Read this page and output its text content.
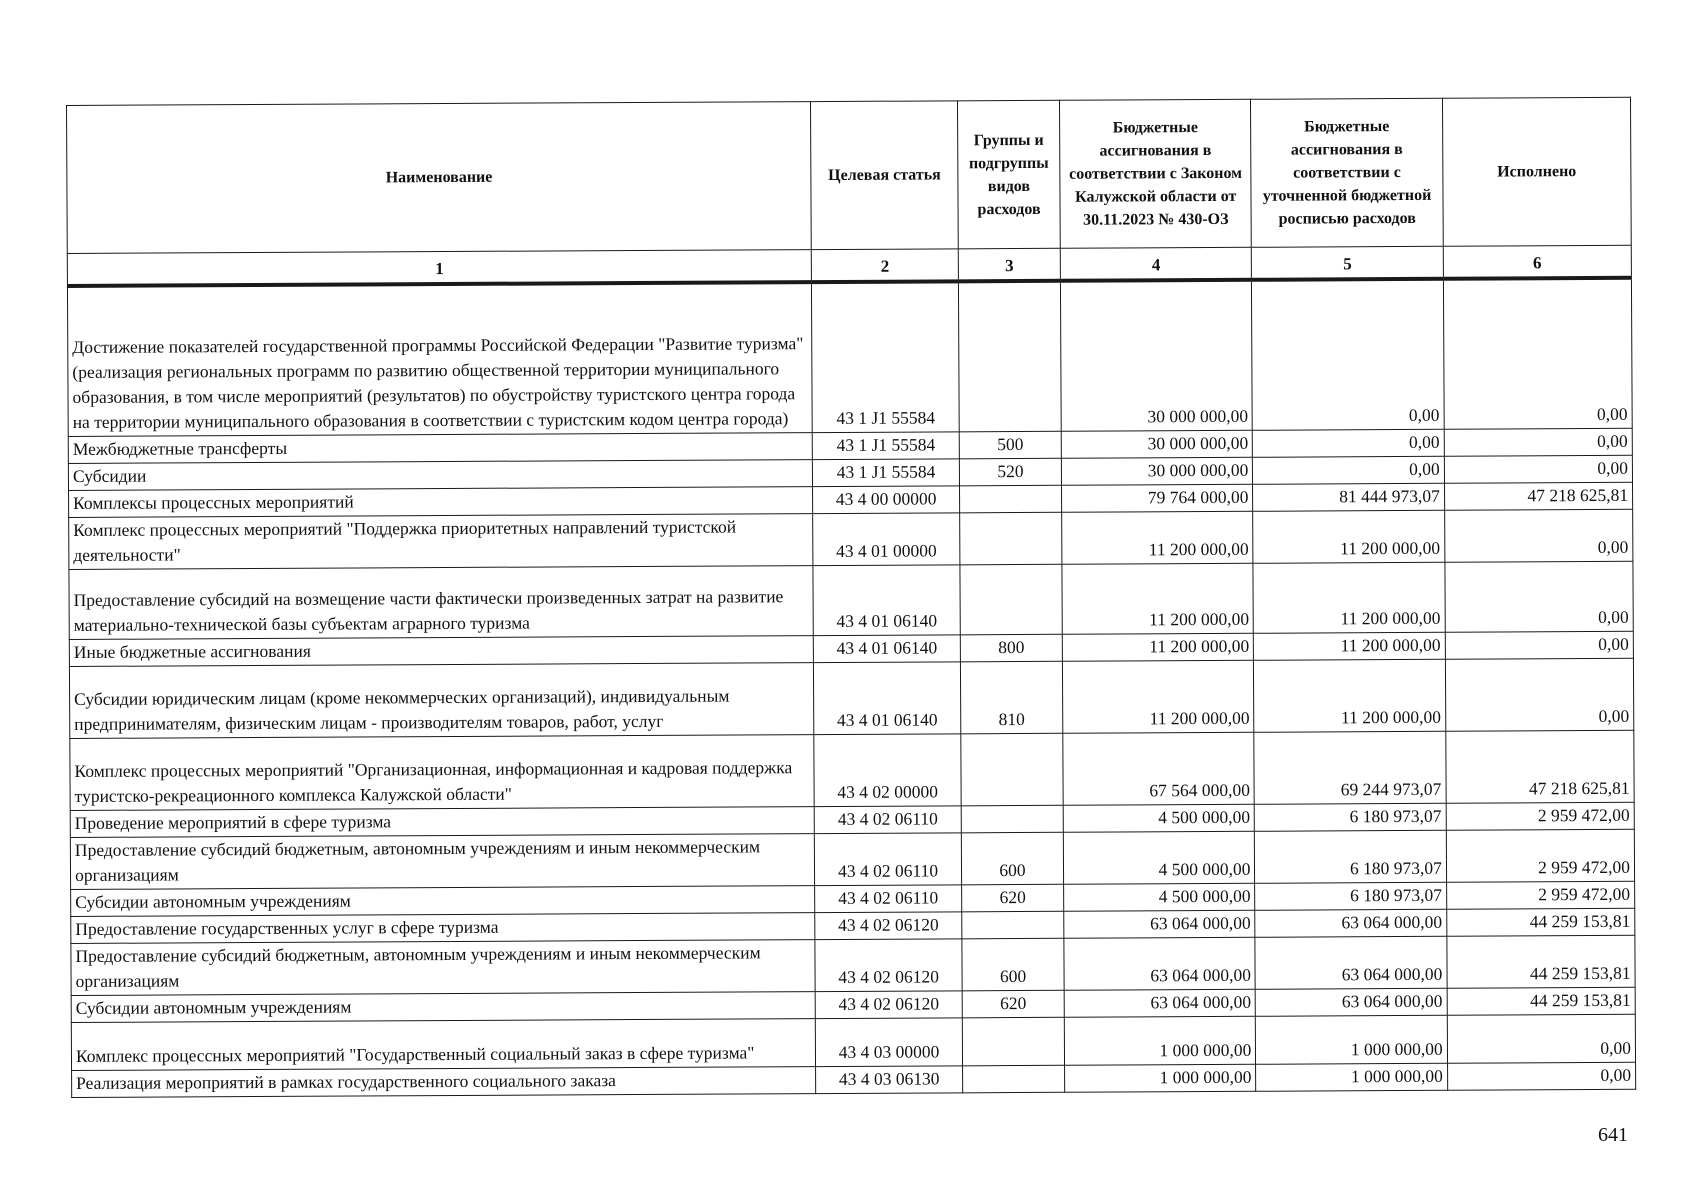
Наименование	Целевая статья	Группы и подгруппы видов расходов	Бюджетные ассигнования в соответствии с Законом Калужской области от 30.11.2023 № 430-ОЗ	Бюджетные ассигнования в соответствии с уточненной бюджетной росписью расходов	Исполнено
1	2	3	4	5	6
Достижение показателей государственной программы Российской Федерации "Развитие туризма" (реализация региональных программ по развитию общественной территории муниципального образования, в том числе мероприятий (результатов) по обустройству туристского центра города на территории муниципального образования в соответствии с туристским кодом центра города)	43 1 J1 55584		30 000 000,00	0,00	0,00
Межбюджетные трансферты	43 1 J1 55584	500	30 000 000,00	0,00	0,00
Субсидии	43 1 J1 55584	520	30 000 000,00	0,00	0,00
Комплексы процессных мероприятий	43 4 00 00000		79 764 000,00	81 444 973,07	47 218 625,81
Комплекс процессных мероприятий "Поддержка приоритетных направлений туристской деятельности"	43 4 01 00000		11 200 000,00	11 200 000,00	0,00
Предоставление субсидий на возмещение части фактически произведенных затрат на развитие материально-технической базы субъектам аграрного туризма	43 4 01 06140		11 200 000,00	11 200 000,00	0,00
Иные бюджетные ассигнования	43 4 01 06140	800	11 200 000,00	11 200 000,00	0,00
Субсидии юридическим лицам (кроме некоммерческих организаций), индивидуальным предпринимателям, физическим лицам - производителям товаров, работ, услуг	43 4 01 06140	810	11 200 000,00	11 200 000,00	0,00
Комплекс процессных мероприятий "Организационная, информационная и кадровая поддержка туристско-рекреационного комплекса Калужской области"	43 4 02 00000		67 564 000,00	69 244 973,07	47 218 625,81
Проведение мероприятий в сфере туризма	43 4 02 06110		4 500 000,00	6 180 973,07	2 959 472,00
Предоставление субсидий бюджетным, автономным учреждениям и иным некоммерческим организациям	43 4 02 06110	600	4 500 000,00	6 180 973,07	2 959 472,00
Субсидии автономным учреждениям	43 4 02 06110	620	4 500 000,00	6 180 973,07	2 959 472,00
Предоставление государственных услуг в сфере туризма	43 4 02 06120		63 064 000,00	63 064 000,00	44 259 153,81
Предоставление субсидий бюджетным, автономным учреждениям и иным некоммерческим организациям	43 4 02 06120	600	63 064 000,00	63 064 000,00	44 259 153,81
Субсидии автономным учреждениям	43 4 02 06120	620	63 064 000,00	63 064 000,00	44 259 153,81
Комплекс процессных мероприятий "Государственный социальный заказ в сфере туризма"	43 4 03 00000		1 000 000,00	1 000 000,00	0,00
Реализация мероприятий в рамках государственного социального заказа	43 4 03 06130		1 000 000,00	1 000 000,00	0,00
641
